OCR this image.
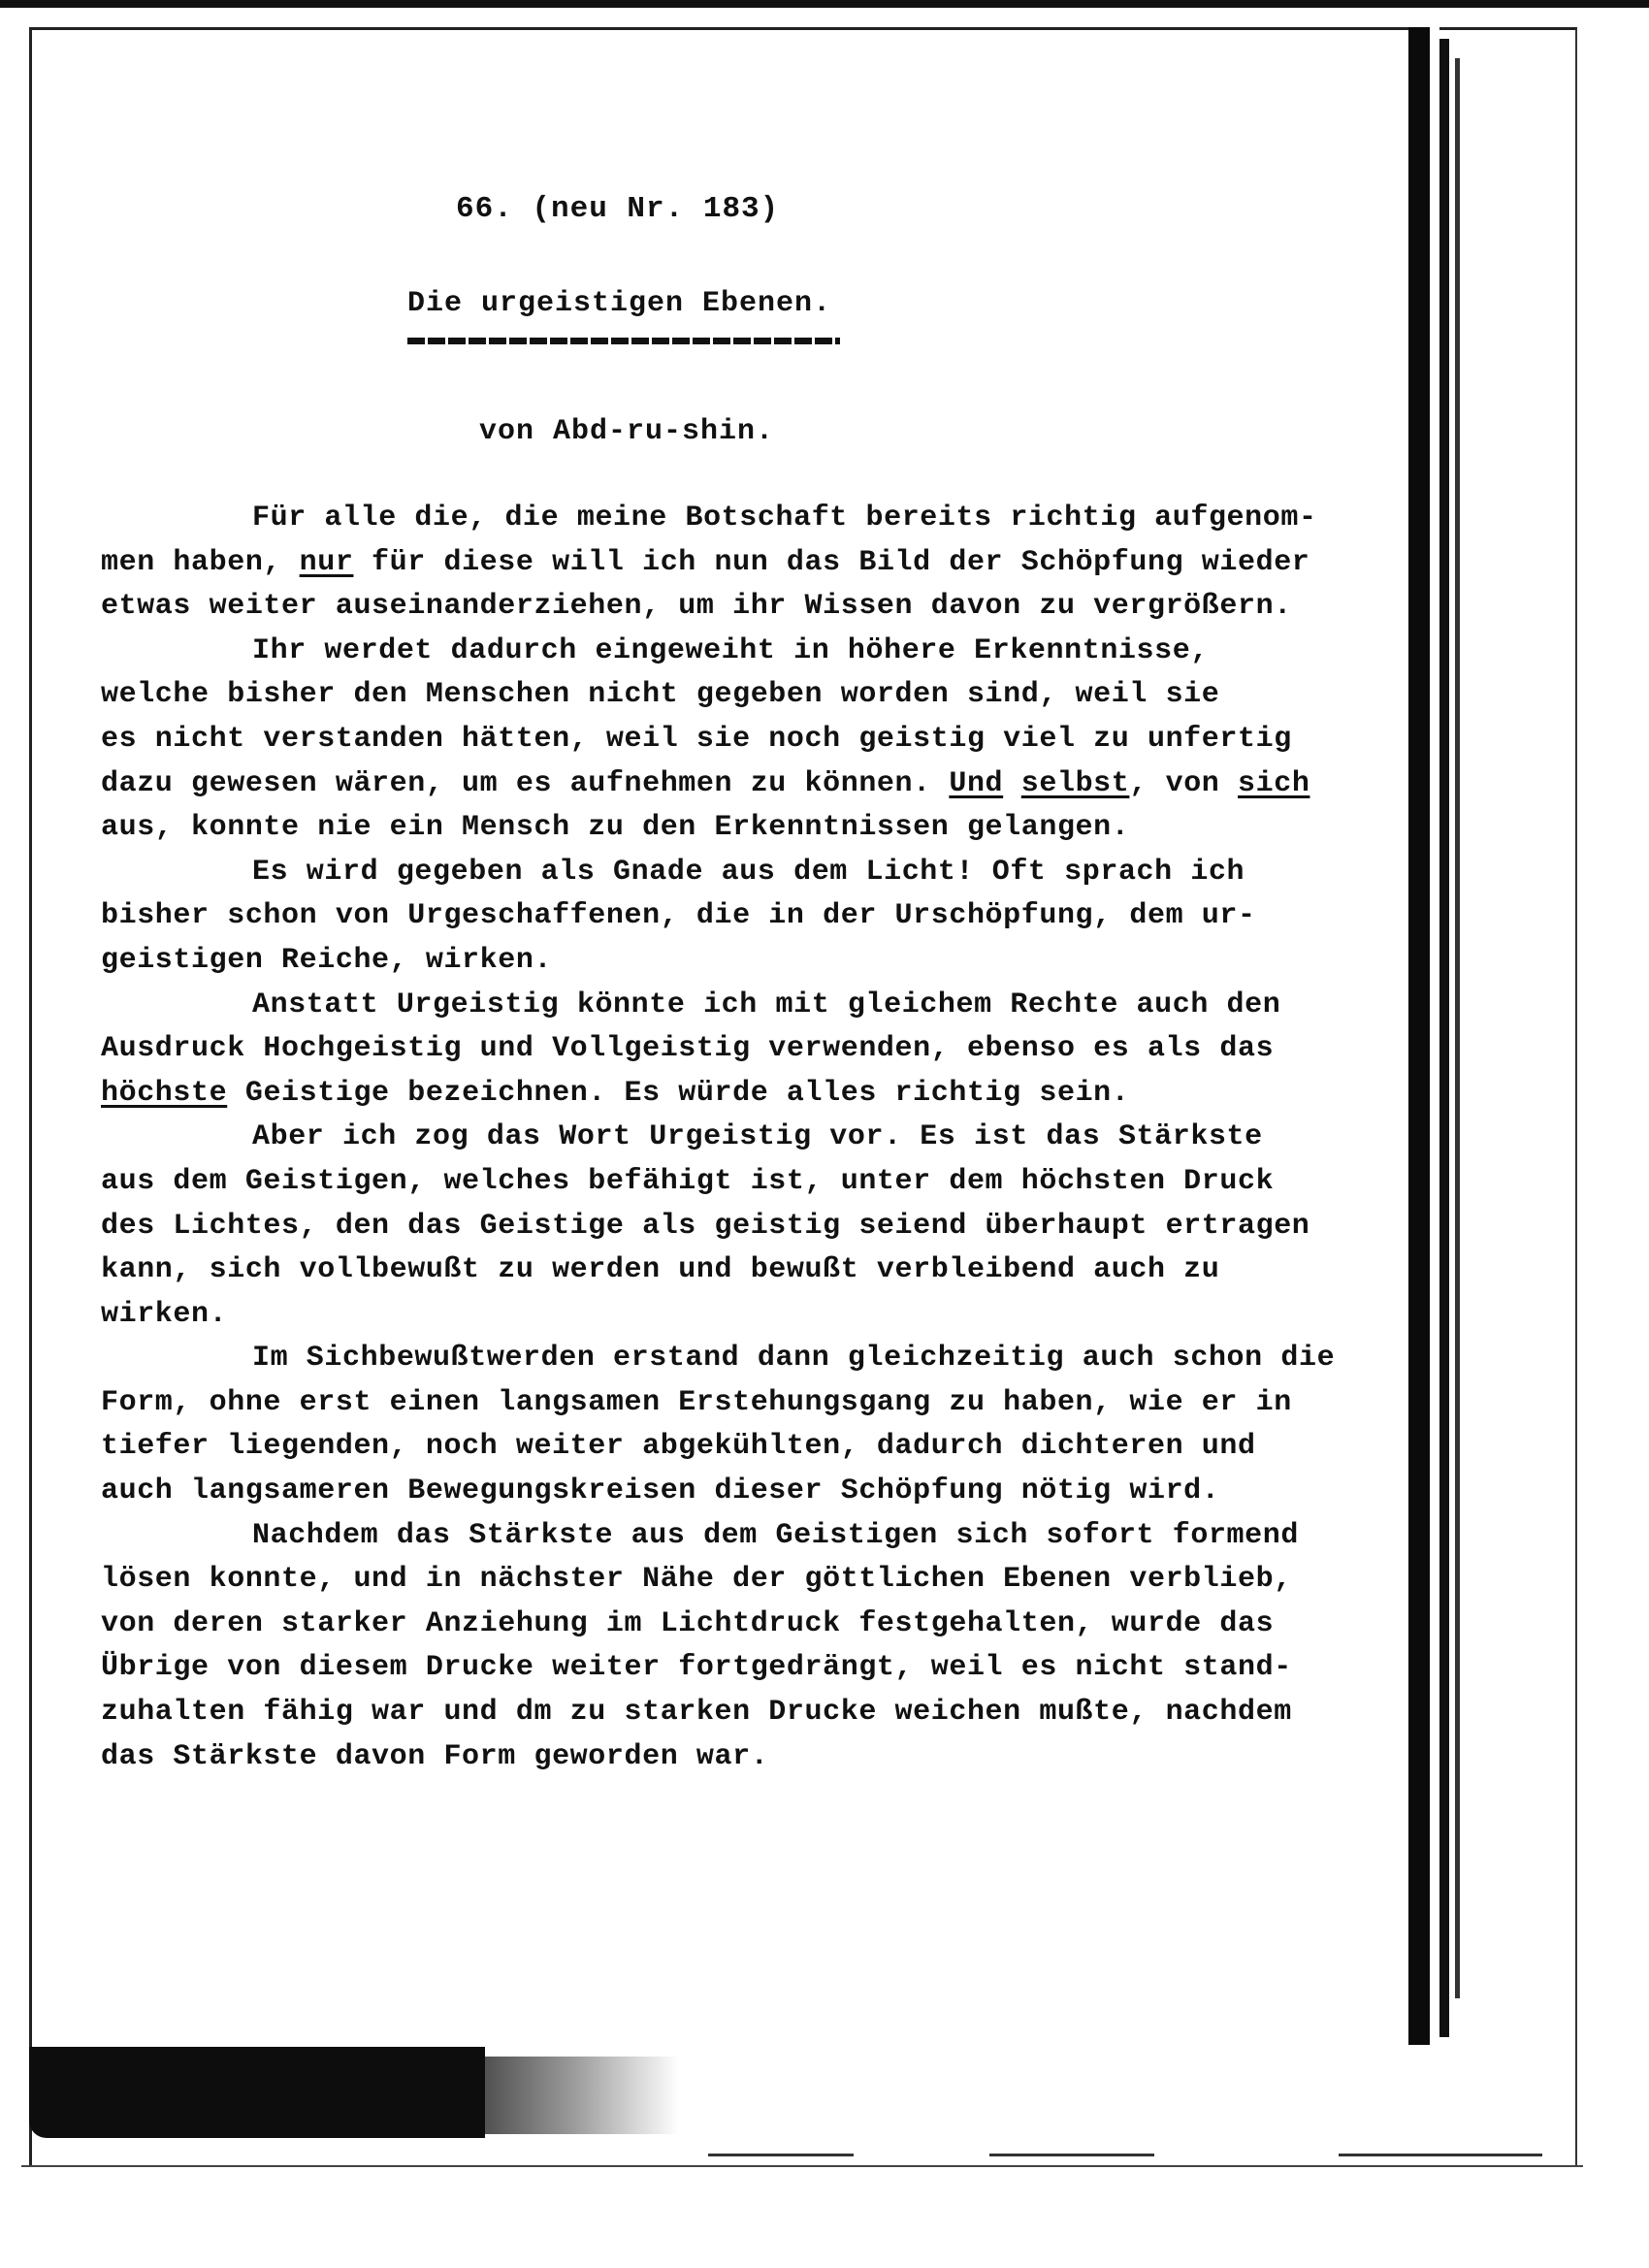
66. (neu Nr. 183)
Die urgeistigen Ebenen.
von Abd-ru-shin.
Für alle die, die meine Botschaft bereits richtig aufgenom-
men haben, nur für diese will ich nun das Bild der Schöpfung wieder
etwas weiter auseinanderziehen, um ihr Wissen davon zu vergrößern.
Ihr werdet dadurch eingeweiht in höhere Erkenntnisse,
welche bisher den Menschen nicht gegeben worden sind, weil sie
es nicht verstanden hätten, weil sie noch geistig viel zu unfertig
dazu gewesen wären, um es aufnehmen zu können. Und selbst, von sich
aus, konnte nie ein Mensch zu den Erkenntnissen gelangen.
Es wird gegeben als Gnade aus dem Licht! Oft sprach ich
bisher schon von Urgeschaffenen, die in der Urschöpfung, dem ur-
geistigen Reiche, wirken.
Anstatt Urgeistig könnte ich mit gleichem Rechte auch den
Ausdruck Hochgeistig und Vollgeistig verwenden, ebenso es als das
höchste Geistige bezeichnen. Es würde alles richtig sein.
Aber ich zog das Wort Urgeistig vor. Es ist das Stärkste
aus dem Geistigen, welches befähigt ist, unter dem höchsten Druck
des Lichtes, den das Geistige als geistig seiend überhaupt ertragen
kann, sich vollbewußt zu werden und bewußt verbleibend auch zu
wirken.
Im Sichbewußtwerden erstand dann gleichzeitig auch schon die
Form, ohne erst einen langsamen Erstehungsgang zu haben, wie er in
tiefer liegenden, noch weiter abgekühlten, dadurch dichteren und
auch langsameren Bewegungskreisen dieser Schöpfung nötig wird.
Nachdem das Stärkste aus dem Geistigen sich sofort formend
lösen konnte, und in nächster Nähe der göttlichen Ebenen verblieb,
von deren starker Anziehung im Lichtdruck festgehalten, wurde das
Übrige von diesem Drucke weiter fortgedrängt, weil es nicht stand-
zuhalten fähig war und dm zu starken Drucke weichen mußte, nachdem
das Stärkste davon Form geworden war.
